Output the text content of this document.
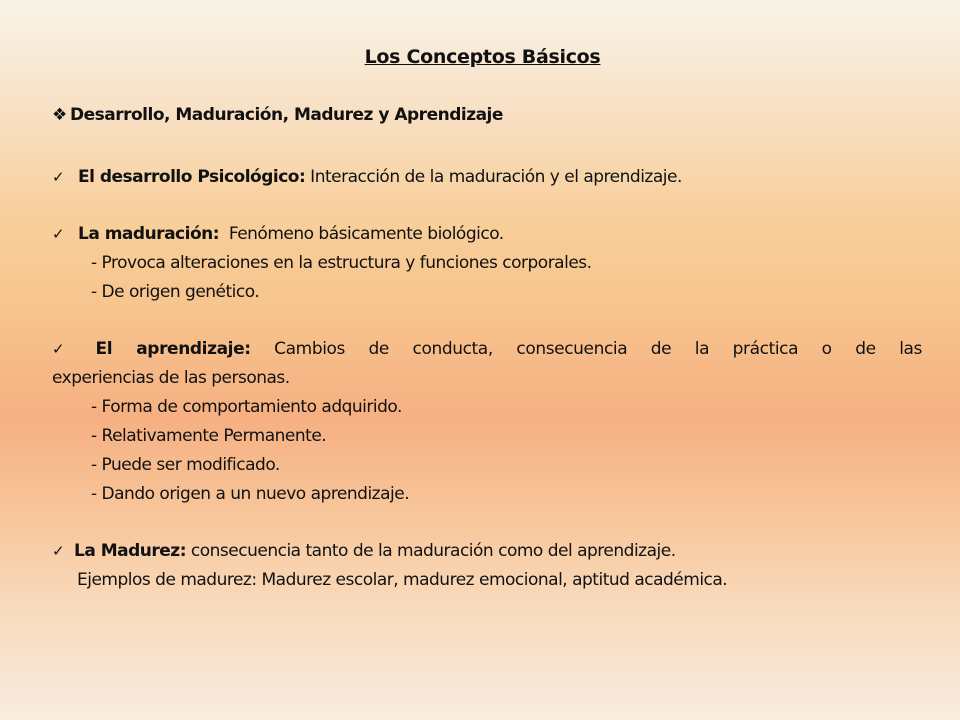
Los Conceptos Básicos
❖ Desarrollo, Maduración, Madurez y Aprendizaje
✓ El desarrollo Psicológico: Interacción de la maduración y el aprendizaje.
✓ La maduración:  Fenómeno básicamente biológico.
- Provoca alteraciones en la estructura y funciones corporales.
- De origen genético.
✓ El aprendizaje: Cambios de conducta, consecuencia de la práctica o de las
experiencias de las personas.
- Forma de comportamiento adquirido.
- Relativamente Permanente.
- Puede ser modificado.
- Dando origen a un nuevo aprendizaje.
✓ La Madurez: consecuencia tanto de la maduración como del aprendizaje.
Ejemplos de madurez: Madurez escolar, madurez emocional, aptitud académica.
